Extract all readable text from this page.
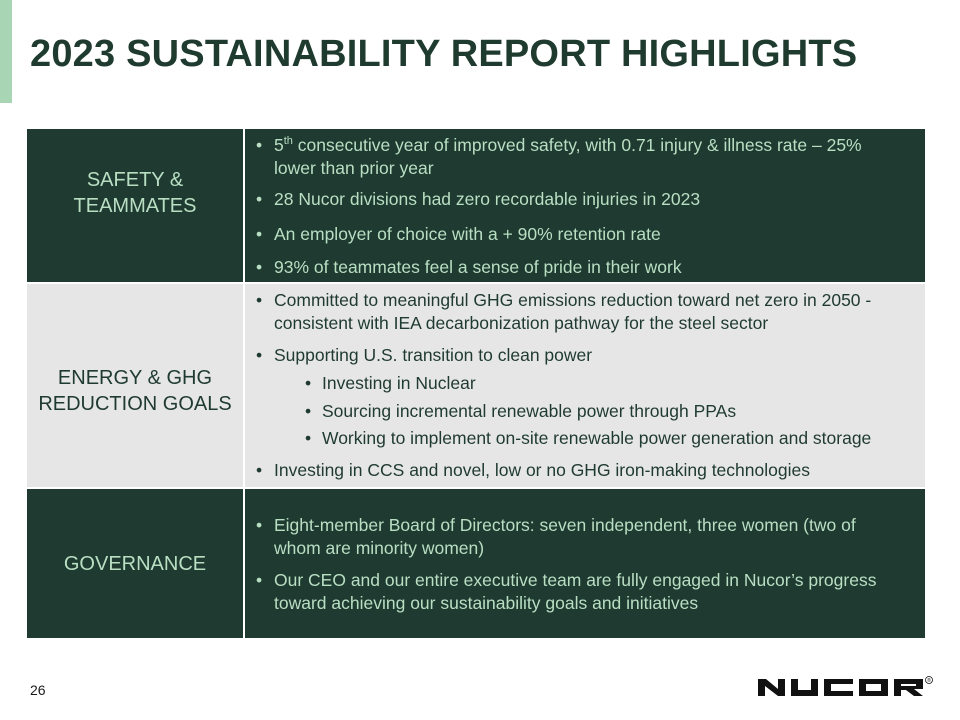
2023 SUSTAINABILITY REPORT HIGHLIGHTS
SAFETY &
TEAMMATES
• 5th consecutive year of improved safety, with 0.71 injury & illness rate – 25%
lower than prior year
• 28 Nucor divisions had zero recordable injuries in 2023
• An employer of choice with a + 90% retention rate
• 93% of teammates feel a sense of pride in their work
ENERGY & GHG
REDUCTION GOALS
• Committed to meaningful GHG emissions reduction toward net zero in 2050 -
consistent with IEA decarbonization pathway for the steel sector
• Supporting U.S. transition to clean power
• Investing in Nuclear
• Sourcing incremental renewable power through PPAs
• Working to implement on-site renewable power generation and storage
• Investing in CCS and novel, low or no GHG iron-making technologies
GOVERNANCE
• Eight-member Board of Directors: seven independent, three women (two of
whom are minority women)
• Our CEO and our entire executive team are fully engaged in Nucor’s progress
toward achieving our sustainability goals and initiatives
26
®
